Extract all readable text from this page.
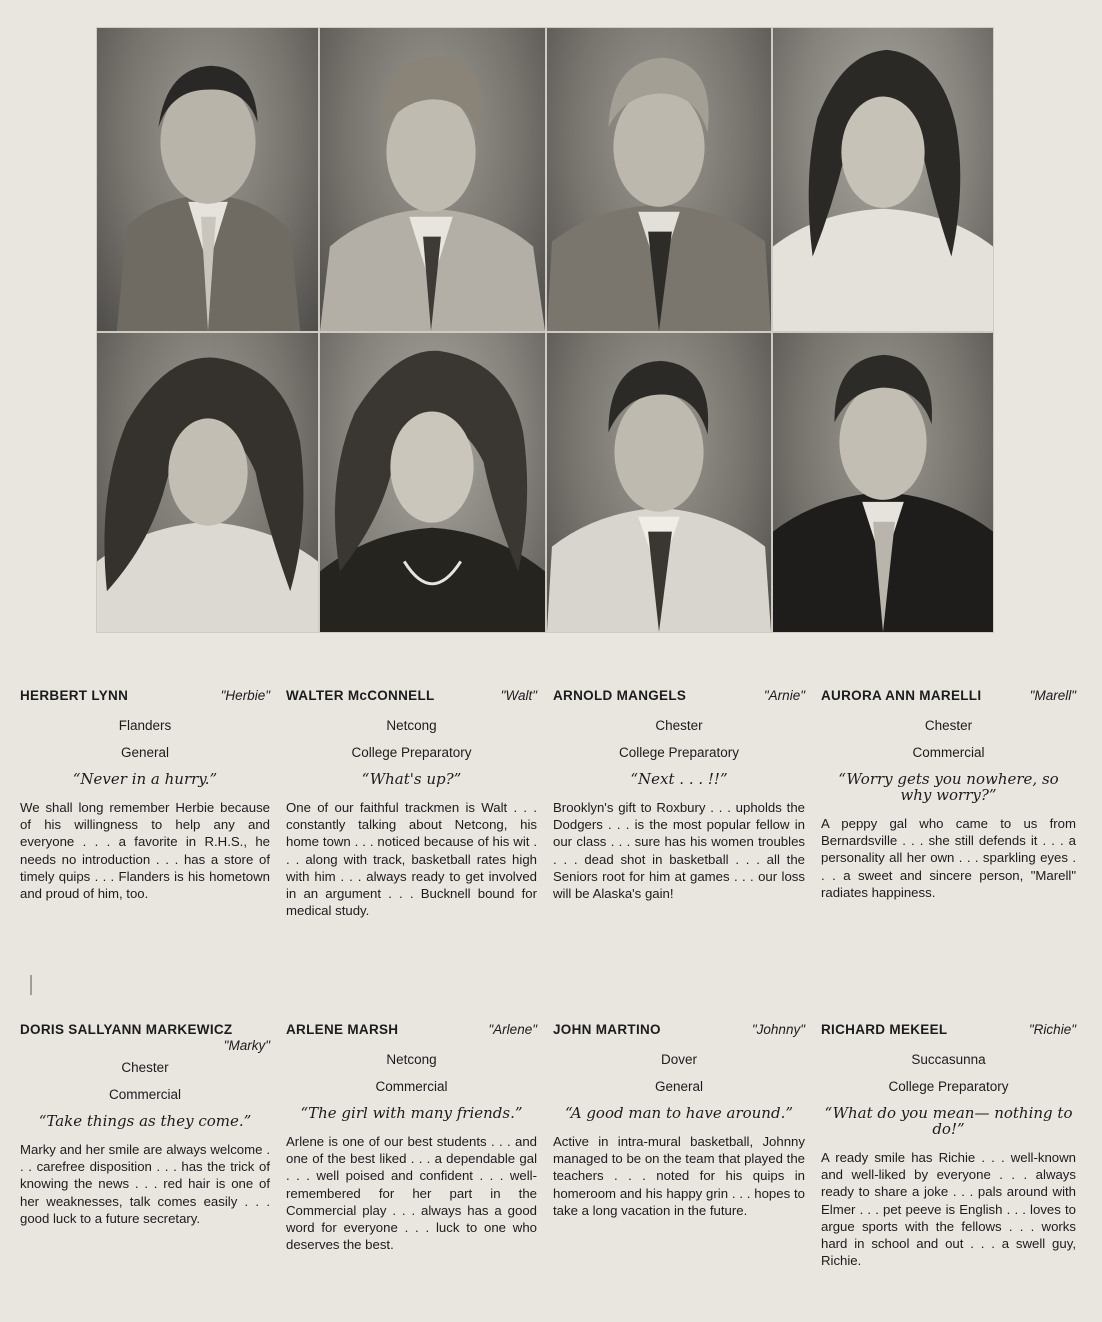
HERBERT LYNN	"Herbie"
Flanders
General
“Never in a hurry.”
We shall long remember Herbie because of his willingness to help any and everyone . . . a favorite in R.H.S., he needs no introduction . . . has a store of timely quips . . . Flanders is his hometown and proud of him, too.
WALTER McCONNELL	"Walt"
Netcong
College Preparatory
“What's up?”
One of our faithful trackmen is Walt . . . constantly talking about Netcong, his home town . . . noticed because of his wit . . . along with track, basketball rates high with him . . . always ready to get involved in an argument . . . Bucknell bound for medical study.
ARNOLD MANGELS	"Arnie"
Chester
College Preparatory
“Next . . . !!”
Brooklyn's gift to Roxbury . . . upholds the Dodgers . . . is the most popular fellow in our class . . . sure has his women troubles . . . dead shot in basketball . . . all the Seniors root for him at games . . . our loss will be Alaska's gain!
AURORA ANN MARELLI	"Marell"
Chester
Commercial
“Worry gets you nowhere, so why worry?”
A peppy gal who came to us from Bernardsville . . . she still defends it . . . a personality all her own . . . sparkling eyes . . . a sweet and sincere person, "Marell" radiates happiness.
DORIS SALLYANN MARKEWICZ
"Marky"
Chester
Commercial
“Take things as they come.”
Marky and her smile are always welcome . . . carefree disposition . . . has the trick of knowing the news . . . red hair is one of her weaknesses, talk comes easily . . . good luck to a future secretary.
ARLENE MARSH	"Arlene"
Netcong
Commercial
“The girl with many friends.”
Arlene is one of our best students . . . and one of the best liked . . . a dependable gal . . . well poised and confident . . . well-remembered for her part in the Commercial play . . . always has a good word for everyone . . . luck to one who deserves the best.
JOHN MARTINO	"Johnny"
Dover
General
“A good man to have around.”
Active in intra-mural basketball, Johnny managed to be on the team that played the teachers . . . noted for his quips in homeroom and his happy grin . . . hopes to take a long vacation in the future.
RICHARD MEKEEL	"Richie"
Succasunna
College Preparatory
“What do you mean— nothing to do!”
A ready smile has Richie . . . well-known and well-liked by everyone . . . always ready to share a joke . . . pals around with Elmer . . . pet peeve is English . . . loves to argue sports with the fellows . . . works hard in school and out . . . a swell guy, Richie.
